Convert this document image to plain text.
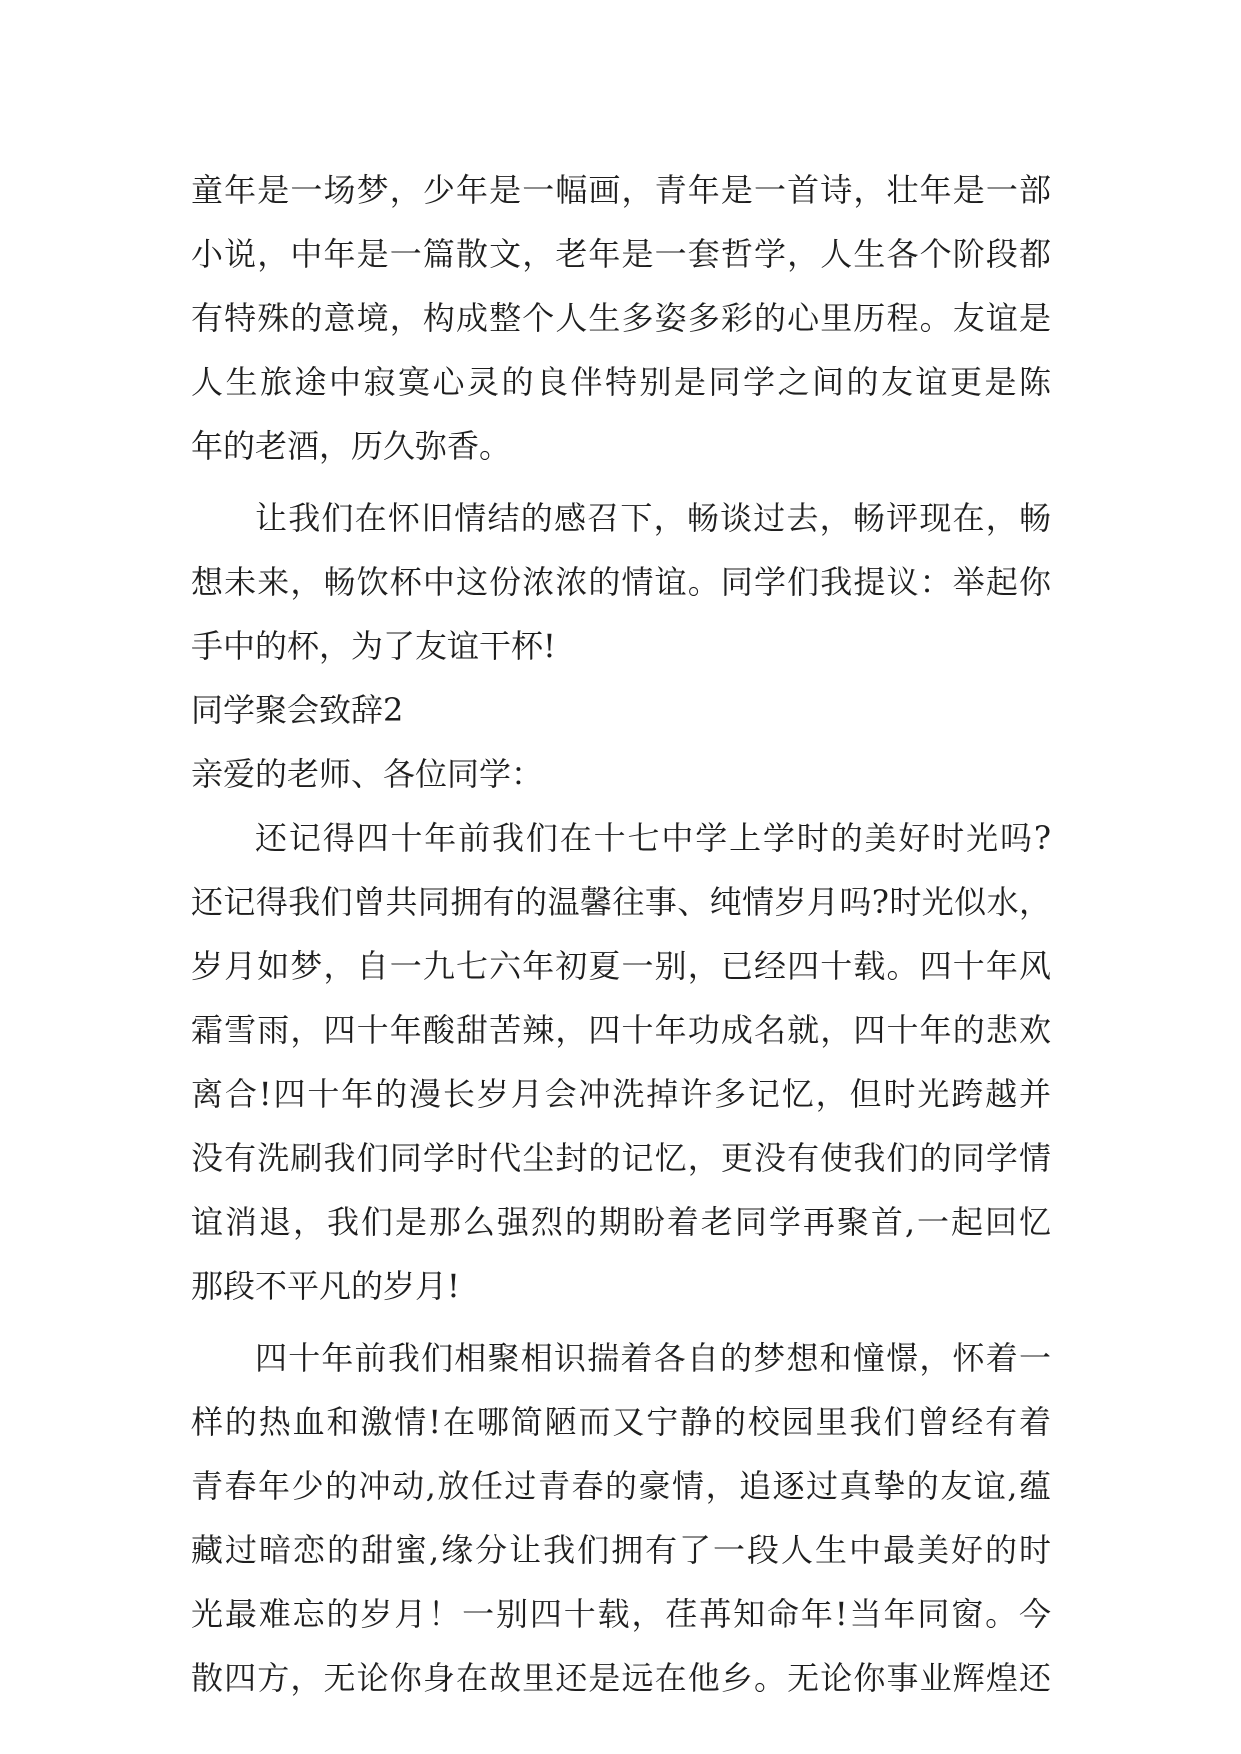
童年是一场梦，少年是一幅画，青年是一首诗，壮年是一部
小说，中年是一篇散文，老年是一套哲学，人生各个阶段都
有特殊的意境，构成整个人生多姿多彩的心里历程。友谊是
人生旅途中寂寞心灵的良伴特别是同学之间的友谊更是陈
年的老酒，历久弥香。
让我们在怀旧情结的感召下，畅谈过去，畅评现在，畅
想未来，畅饮杯中这份浓浓的情谊。同学们我提议：举起你
手中的杯，为了友谊干杯!
同学聚会致辞2
亲爱的老师、各位同学：
还记得四十年前我们在十七中学上学时的美好时光吗?
还记得我们曾共同拥有的温馨往事、纯情岁月吗?时光似水，
岁月如梦，自一九七六年初夏一别，已经四十载。四十年风
霜雪雨，四十年酸甜苦辣，四十年功成名就，四十年的悲欢
离合!四十年的漫长岁月会冲洗掉许多记忆，但时光跨越并
没有洗刷我们同学时代尘封的记忆，更没有使我们的同学情
谊消退，我们是那么强烈的期盼着老同学再聚首,一起回忆
那段不平凡的岁月!
四十年前我们相聚相识揣着各自的梦想和憧憬，怀着一
样的热血和激情!在哪简陋而又宁静的校园里我们曾经有着
青春年少的冲动,放任过青春的豪情，追逐过真挚的友谊,蕴
藏过暗恋的甜蜜,缘分让我们拥有了一段人生中最美好的时
光最难忘的岁月！一别四十载，荏苒知命年!当年同窗。今
散四方，无论你身在故里还是远在他乡。无论你事业辉煌还
